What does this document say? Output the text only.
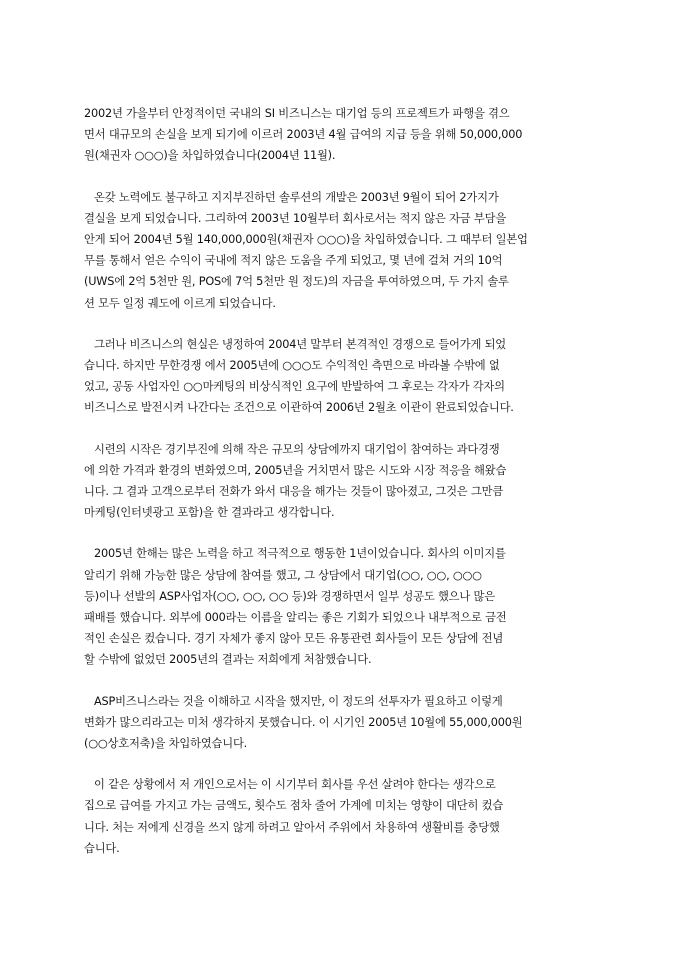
2002년 가을부터 안정적이던 국내의 SI 비즈니스는 대기업 등의 프로젝트가 파행을 겪으
면서 대규모의 손실을 보게 되기에 이르러 2003년 4월 급여의 지급 등을 위해 50,000,000
원(채권자 ○○○)을 차입하였습니다(2004년 11월).
온갖 노력에도 불구하고 지지부진하던 솔루션의 개발은 2003년 9월이 되어 2가지가
결실을 보게 되었습니다. 그리하여 2003년 10월부터 회사로서는 적지 않은 자금 부담을
안게 되어 2004년 5월 140,000,000원(채권자 ○○○)을 차입하였습니다. 그 때부터 일본업
무를 통해서 얻은 수익이 국내에 적지 않은 도움을 주게 되었고, 몇 년에 걸쳐 거의 10억
(UWS에 2억 5천만 원, POS에 7억 5천만 원 정도)의 자금을 투여하였으며, 두 가지 솔루
션 모두 일정 궤도에 이르게 되었습니다.
그러나 비즈니스의 현실은 냉정하여 2004년 말부터 본격적인 경쟁으로 들어가게 되었
습니다. 하지만 무한경쟁 에서 2005년에 ○○○도 수익적인 측면으로 바라볼 수밖에 없
었고, 공동 사업자인 ○○마케팅의 비상식적인 요구에 반발하여 그 후로는 각자가 각자의
비즈니스로 발전시켜 나간다는 조건으로 이관하여 2006년 2월초 이관이 완료되었습니다.
시련의 시작은 경기부진에 의해 작은 규모의 상담에까지 대기업이 참여하는 과다경쟁
에 의한 가격과 환경의 변화였으며, 2005년을 거치면서 많은 시도와 시장 적응을 해왔습
니다. 그 결과 고객으로부터 전화가 와서 대응을 해가는 것들이 많아졌고, 그것은 그만큼
마케팅(인터넷광고 포함)을 한 결과라고 생각합니다.
2005년 한해는 많은 노력을 하고 적극적으로 행동한 1년이었습니다. 회사의 이미지를
알리기 위해 가능한 많은 상담에 참여를 했고, 그 상담에서 대기업(○○, ○○, ○○○
등)이나 선발의 ASP사업자(○○, ○○, ○○ 등)와 경쟁하면서 일부 성공도 했으나 많은
패배를 했습니다. 외부에 000라는 이름을 알리는 좋은 기회가 되었으나 내부적으로 금전
적인 손실은 컸습니다. 경기 자체가 좋지 않아 모든 유통관련 회사들이 모든 상담에 전념
할 수밖에 없었던 2005년의 결과는 저희에게 처참했습니다.
ASP비즈니스라는 것을 이해하고 시작을 했지만, 이 정도의 선투자가 필요하고 이렇게
변화가 많으리라고는 미처 생각하지 못했습니다. 이 시기인 2005년 10월에 55,000,000원
(○○상호저축)을 차입하였습니다.
이 같은 상황에서 저 개인으로서는 이 시기부터 회사를 우선 살려야 한다는 생각으로
집으로 급여를 가지고 가는 금액도, 횟수도 점차 줄어 가계에 미치는 영향이 대단히 컸습
니다. 처는 저에게 신경을 쓰지 않게 하려고 알아서 주위에서 차용하여 생활비를 충당했
습니다.
